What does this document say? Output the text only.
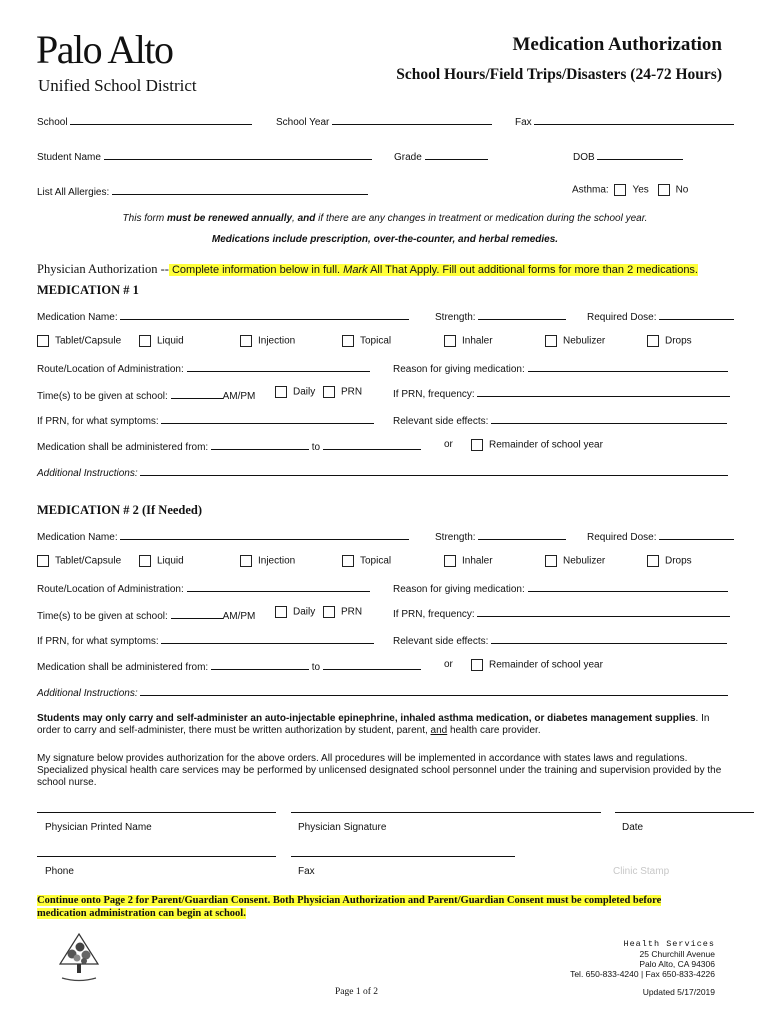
Palo Alto
Unified School District
Medication Authorization
School Hours/Field Trips/Disasters (24-72 Hours)
School	School Year	Fax
Student Name	Grade	DOB
List All Allergies:	Asthma: Yes	No
This form must be renewed annually, and if there are any changes in treatment or medication during the school year.
Medications include prescription, over-the-counter, and herbal remedies.
Physician Authorization -- Complete information below in full. Mark All That Apply. Fill out additional forms for more than 2 medications.
MEDICATION # 1
Medication Name:	Strength:	Required Dose:
Tablet/Capsule	Liquid	Injection	Topical	Inhaler	Nebulizer	Drops
Route/Location of Administration:	Reason for giving medication:
Time(s) to be given at school:	AM/PM	Daily	PRN	If PRN, frequency:
If PRN, for what symptoms:	Relevant side effects:
Medication shall be administered from:	to	or	Remainder of school year
Additional Instructions:
MEDICATION # 2 (If Needed)
Medication Name:	Strength:	Required Dose:
Tablet/Capsule	Liquid	Injection	Topical	Inhaler	Nebulizer	Drops
Route/Location of Administration:	Reason for giving medication:
Time(s) to be given at school:	AM/PM	Daily	PRN	If PRN, frequency:
If PRN, for what symptoms:	Relevant side effects:
Medication shall be administered from:	to	or	Remainder of school year
Additional Instructions:
Students may only carry and self-administer an auto-injectable epinephrine, inhaled asthma medication, or diabetes management supplies. In order to carry and self-administer, there must be written authorization by student, parent, and health care provider.
My signature below provides authorization for the above orders. All procedures will be implemented in accordance with states laws and regulations. Specialized physical health care services may be performed by unlicensed designated school personnel under the training and supervision provided by the school nurse.
Physician Printed Name	Physician Signature	Date
Phone	Fax	Clinic Stamp
Continue onto Page 2 for Parent/Guardian Consent. Both Physician Authorization and Parent/Guardian Consent must be completed before medication administration can begin at school.
Health Services
25 Churchill Avenue
Palo Alto, CA 94306
Tel. 650-833-4240 | Fax 650-833-4226
Page 1 of 2	Updated 5/17/2019
